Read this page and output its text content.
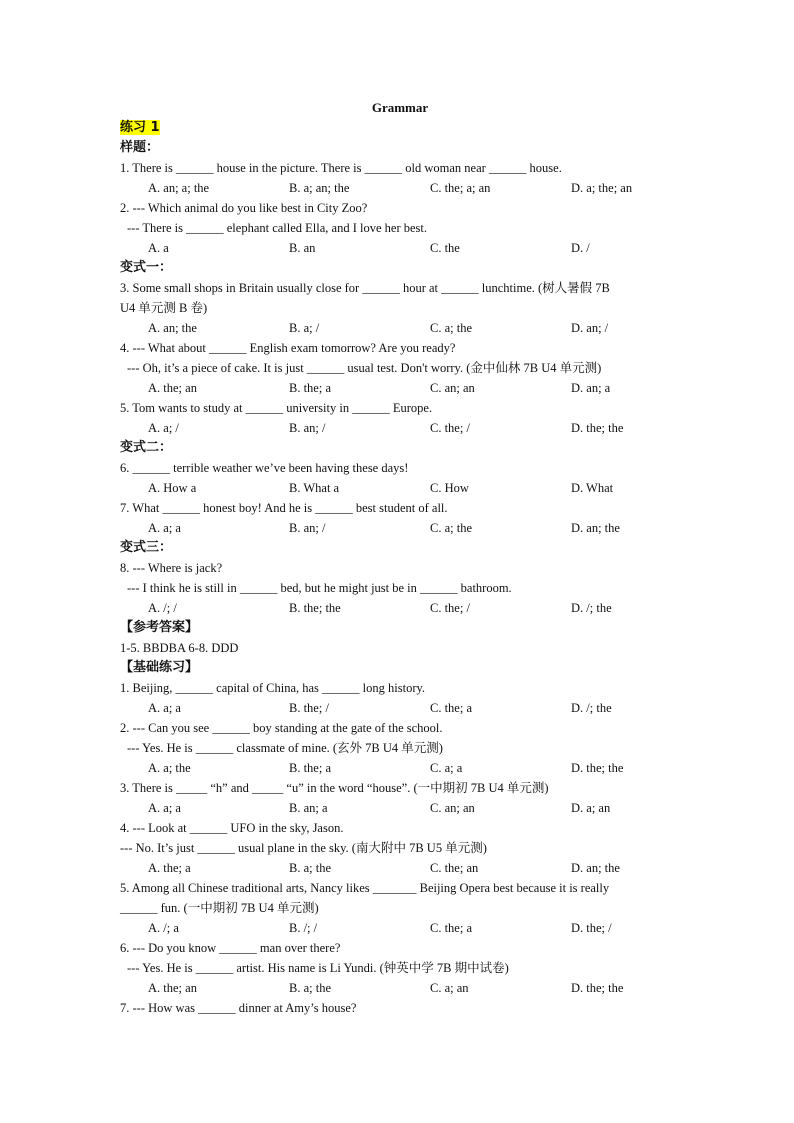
Grammar
练习 1
样题：
1. There is ______ house in the picture. There is ______ old woman near ______ house.
A. an; a; the	B. a; an; the	C. the; a; an	D. a; the; an
2. --- Which animal do you like best in City Zoo?
--- There is ______ elephant called Ella, and I love her best.
A. a	B. an	C. the	D. /
变式一：
3. Some small shops in Britain usually close for ______ hour at ______ lunchtime. (树人暑假 7B
U4 单元测 B 卷)
A. an; the	B. a; /	C. a; the	D. an; /
4. --- What about ______ English exam tomorrow? Are you ready?
--- Oh, it’s a piece of cake. It is just ______ usual test. Don't worry. (金中仙林 7B U4 单元测)
A. the; an	B. the; a	C. an; an	D. an; a
5. Tom wants to study at ______ university in ______ Europe.
A. a; /	B. an; /	C. the; /	D. the; the
变式二：
6. ______ terrible weather we’ve been having these days!
A. How a	B. What a	C. How	D. What
7. What ______ honest boy! And he is ______ best student of all.
A. a; a	B. an; /	C. a; the	D. an; the
变式三：
8. --- Where is jack?
--- I think he is still in ______ bed, but he might just be in ______ bathroom.
A. /; /	B. the; the	C. the; /	D. /; the
【参考答案】
1-5. BBDBA 6-8. DDD
【基础练习】
1. Beijing, ______ capital of China, has ______ long history.
A. a; a	B. the; /	C. the; a	D. /; the
2. --- Can you see ______ boy standing at the gate of the school.
--- Yes. He is ______ classmate of mine. (玄外 7B U4 单元测)
A. a; the	B. the; a	C. a; a	D. the; the
3. There is _____ “h” and _____ “u” in the word “house”. (一中期初 7B U4 单元测)
A. a; a	B. an; a	C. an; an	D. a; an
4. --- Look at ______ UFO in the sky, Jason.
--- No. It’s just ______ usual plane in the sky. (南大附中 7B U5 单元测)
A. the; a	B. a; the	C. the; an	D. an; the
5. Among all Chinese traditional arts, Nancy likes _______ Beijing Opera best because it is really
______ fun. (一中期初 7B U4 单元测)
A. /; a	B. /; /	C. the; a	D. the; /
6. --- Do you know ______ man over there?
--- Yes. He is ______ artist. His name is Li Yundi. (钟英中学 7B 期中试卷)
A. the; an	B. a; the	C. a; an	D. the; the
7. --- How was ______ dinner at Amy’s house?
